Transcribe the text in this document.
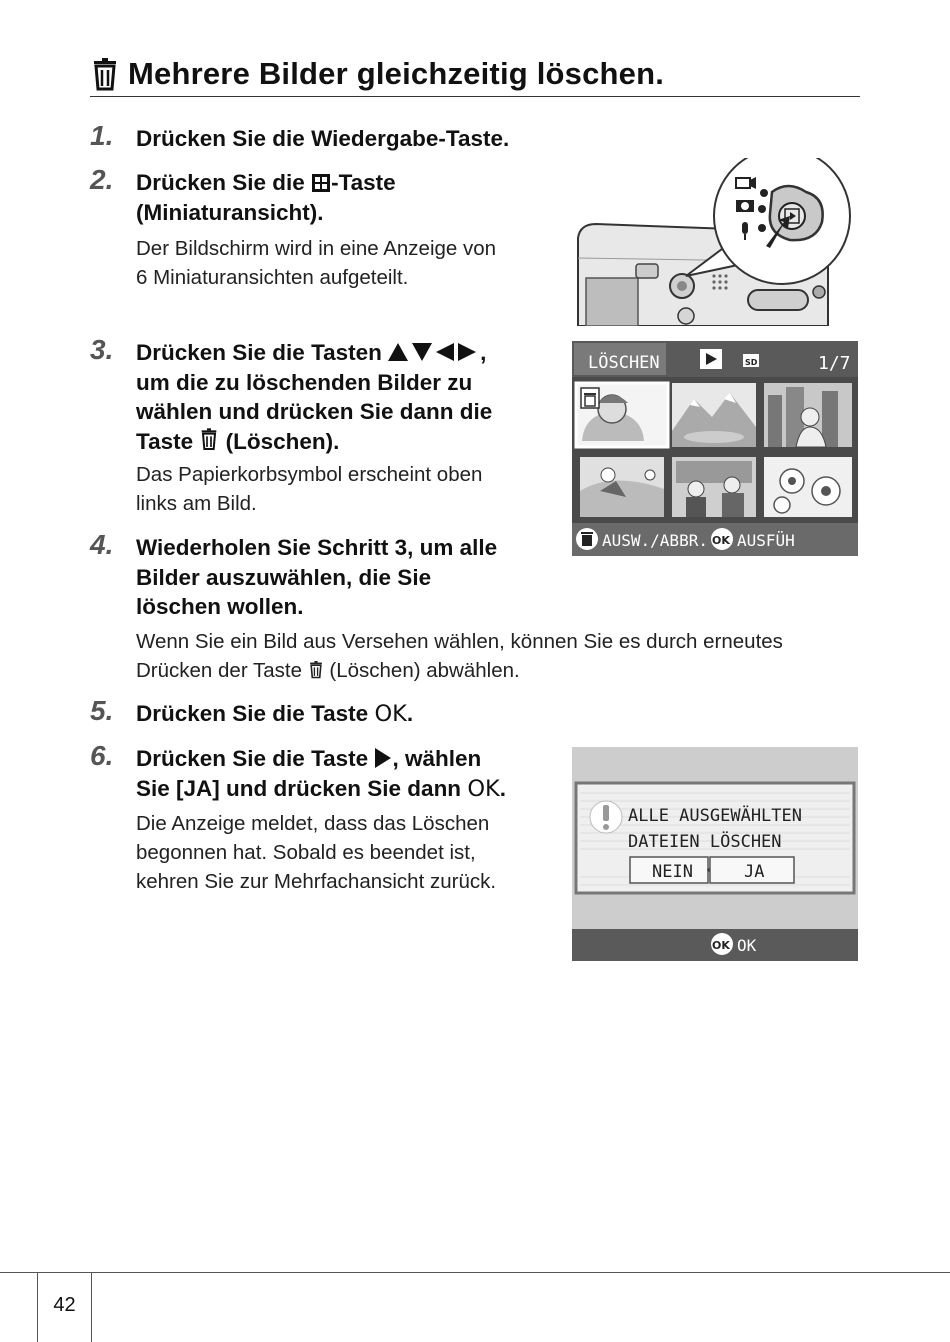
Mehrere Bilder gleichzeitig löschen.
1.	Drücken Sie die Wiedergabe-Taste.
2.	Drücken Sie die -Taste
(Miniaturansicht).
Der Bildschirm wird in eine Anzeige von
6 Miniaturansichten aufgeteilt.
3.	Drücken Sie die Tasten	,
um die zu löschenden Bilder zu
wählen und drücken Sie dann die
Taste  (Löschen).
Das Papierkorbsymbol erscheint oben
links am Bild.
4.	Wiederholen Sie Schritt 3, um alle
Bilder auszuwählen, die Sie
löschen wollen.
Wenn Sie ein Bild aus Versehen wählen, können Sie es durch erneutes
Drücken der Taste  (Löschen) abwählen.
5.	Drücken Sie die Taste OK.
6.	Drücken Sie die Taste , wählen
Sie [JA] und drücken Sie dann OK.
Die Anzeige meldet, dass das Löschen
begonnen hat. Sobald es beendet ist,
kehren Sie zur Mehrfachansicht zurück.
LÖSCHEN	SD	1/7
AUSW./ABBR. OK AUSFÜH
ALLE AUSGEWÄHLTEN
DATEIEN LÖSCHEN
NEIN	JA
OK OK
42
